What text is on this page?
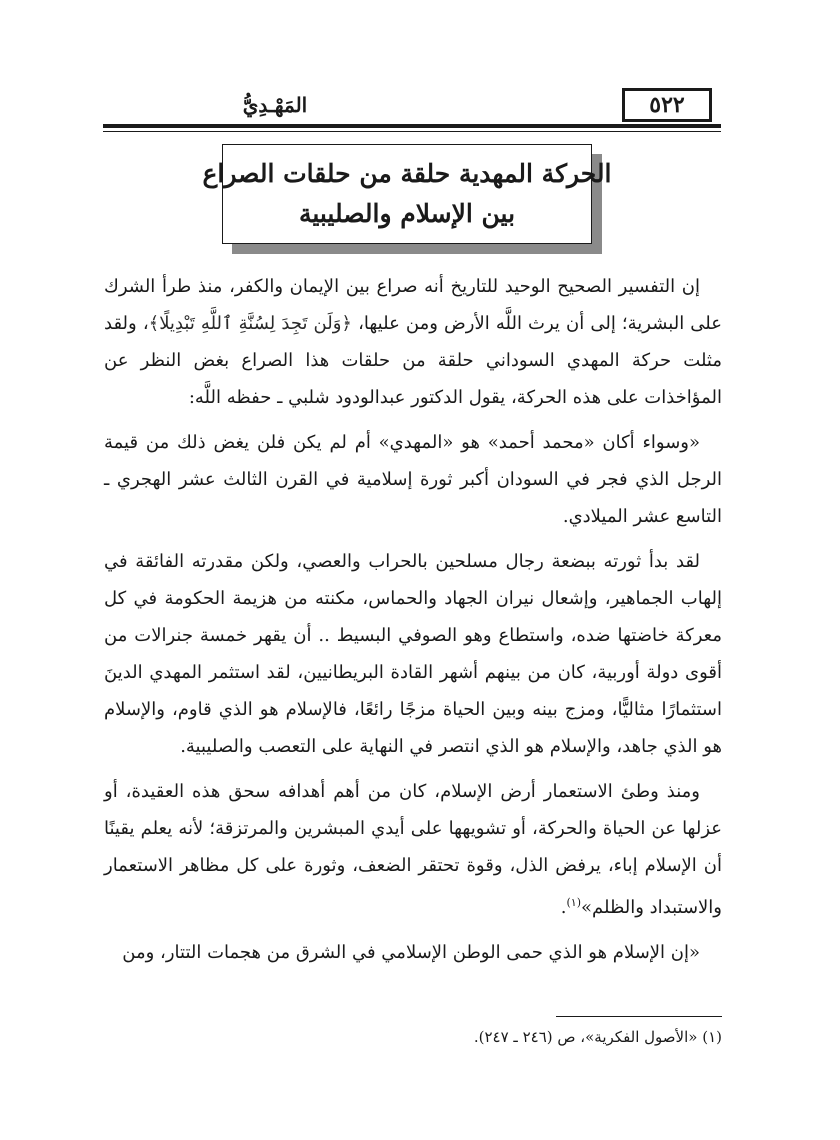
٥٢٢
المَهْـدِيُّ
الحركة المهدية حلقة من حلقات الصراع
بين الإسلام والصليبية

إن التفسير الصحيح الوحيد للتاريخ أنه صراع بين الإيمان والكفر، منذ طرأ الشرك على البشرية؛ إلى أن يرث اللَّه الأرض ومن عليها، ﴿وَلَن تَجِدَ لِسُنَّةِ ٱللَّهِ تَبْدِيلًا﴾، ولقد مثلت حركة المهدي السوداني حلقة من حلقات هذا الصراع بغض النظر عن المؤاخذات على هذه الحركة، يقول الدكتور عبدالودود شلبي ـ حفظه اللَّه:

«وسواء أكان «محمد أحمد» هو «المهدي» أم لم يكن فلن يغض ذلك من قيمة الرجل الذي فجر في السودان أكبر ثورة إسلامية في القرن الثالث عشر الهجري ـ التاسع عشر الميلادي.

لقد بدأ ثورته ببضعة رجال مسلحين بالحراب والعصي، ولكن مقدرته الفائقة في إلهاب الجماهير، وإشعال نيران الجهاد والحماس، مكنته من هزيمة الحكومة في كل معركة خاضتها ضده، واستطاع وهو الصوفي البسيط .. أن يقهر خمسة جنرالات من أقوى دولة أوربية، كان من بينهم أشهر القادة البريطانيين، لقد استثمر المهدي الدينَ استثمارًا مثاليًّا، ومزج بينه وبين الحياة مزجًا رائعًا، فالإسلام هو الذي قاوم، والإسلام هو الذي جاهد، والإسلام هو الذي انتصر في النهاية على التعصب والصليبية.

ومنذ وطئ الاستعمار أرض الإسلام، كان من أهم أهدافه سحق هذه العقيدة، أو عزلها عن الحياة والحركة، أو تشويهها على أيدي المبشرين والمرتزقة؛ لأنه يعلم يقينًا أن الإسلام إباء، يرفض الذل، وقوة تحتقر الضعف، وثورة على كل مظاهر الاستعمار والاستبداد والظلم»$^{(١)}$.

«إن الإسلام هو الذي حمى الوطن الإسلامي في الشرق من هجمات التتار، ومن

(١) «الأصول الفكرية»، ص (٢٤٦ ـ ٢٤٧).
